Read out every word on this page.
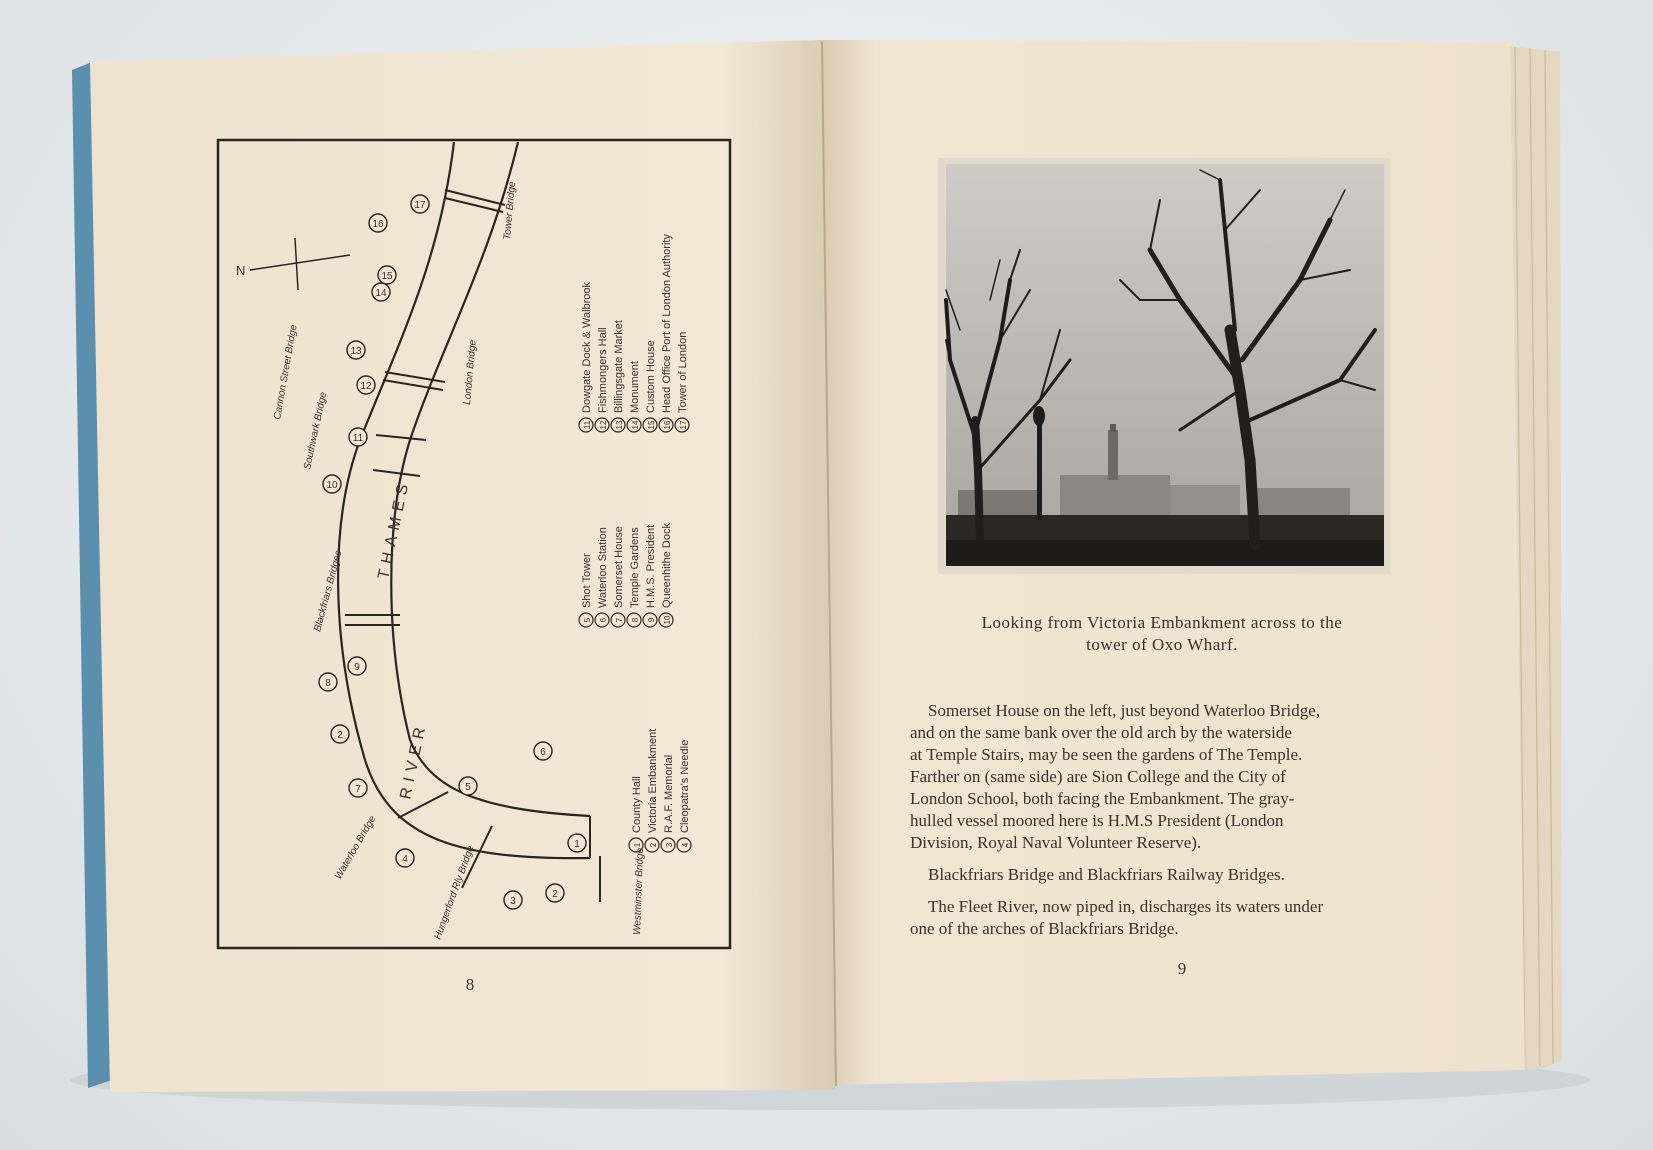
N
THAMES
RIVER
Westminster Bridge
Hungerford Rly Bridge
Waterloo Bridge
Blackfriars Bridges
Southwark Bridge
Cannon Street Bridge	London Bridge
Tower Bridge
1
2
3
4
5
6
7
2
8
9
10
11
12
13
14
15
16
17
1
County Hall
2
Victoria Embankment
3
R.A.F. Memorial
4
Cleopatra's Needle
5
Shot Tower
6
Waterloo Station
7
Somerset House
8
Temple Gardens
9
H.M.S. President
10
Queenhithe Dock
11
Dowgate Dock & Walbrook
12
Fishmongers Hall
13
Billingsgate Market
14
Monument
15
Custom House
16
Head Office Port of London Authority
17
Tower of London
8
Looking from Victoria Embankment across to the
tower of Oxo Wharf.
Somerset House on the left, just beyond Waterloo Bridge,
and on the same bank over the old arch by the waterside
at Temple Stairs, may be seen the gardens of The Temple.
Farther on (same side) are Sion College and the City of
London School, both facing the Embankment. The gray-
hulled vessel moored here is H.M.S President (London
Division, Royal Naval Volunteer Reserve).
Blackfriars Bridge and Blackfriars Railway Bridges.
The Fleet River, now piped in, discharges its waters under
one of the arches of Blackfriars Bridge.
9
